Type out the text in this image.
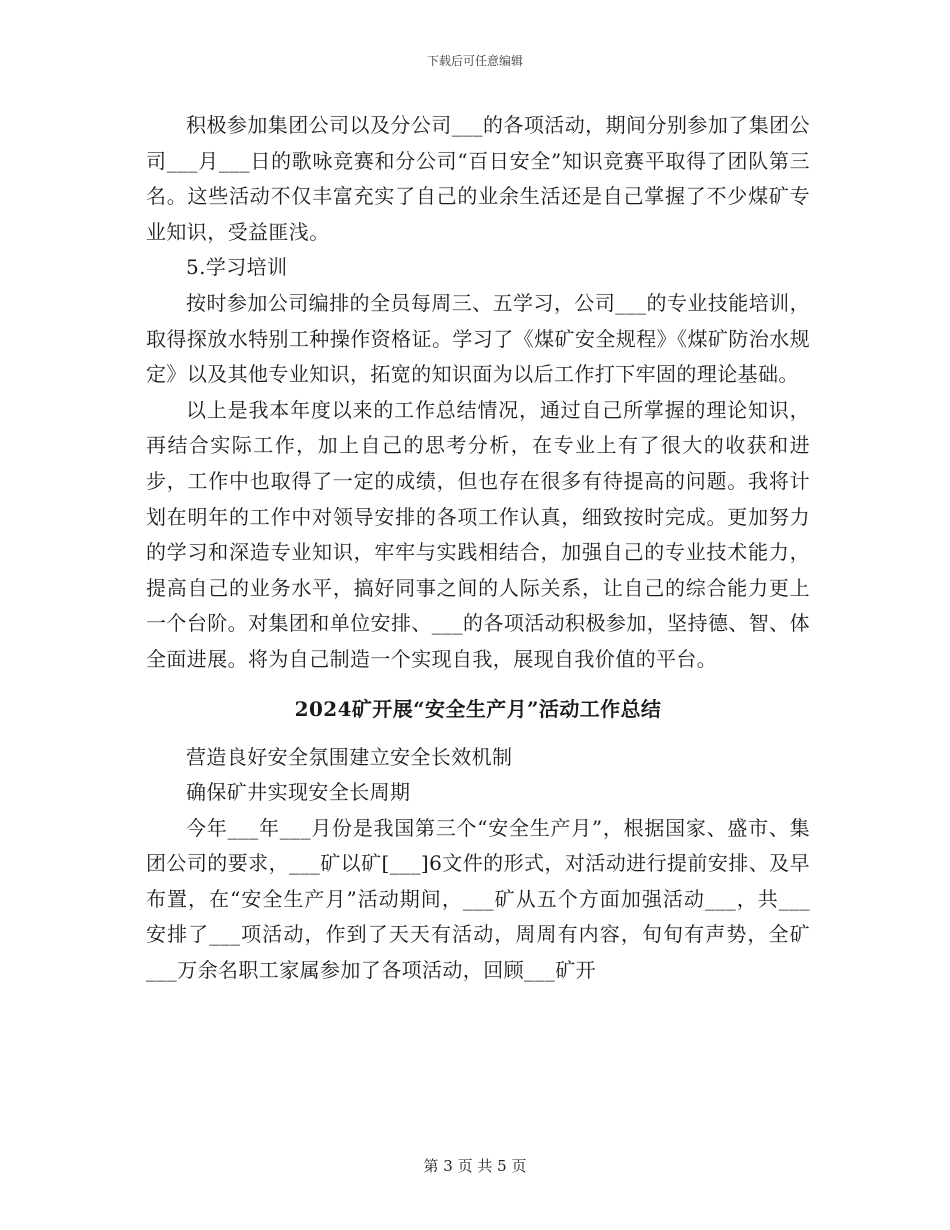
下载后可任意编辑

积极参加集团公司以及分公司___的各项活动，期间分别参加了集团公司___月___日的歌咏竞赛和分公司“百日安全”知识竞赛平取得了团队第三名。这些活动不仅丰富充实了自己的业余生活还是自己掌握了不少煤矿专业知识，受益匪浅。

5.学习培训

按时参加公司编排的全员每周三、五学习，公司___的专业技能培训，取得探放水特别工种操作资格证。学习了《煤矿安全规程》《煤矿防治水规定》以及其他专业知识，拓宽的知识面为以后工作打下牢固的理论基础。

以上是我本年度以来的工作总结情况，通过自己所掌握的理论知识，再结合实际工作，加上自己的思考分析，在专业上有了很大的收获和进步，工作中也取得了一定的成绩，但也存在很多有待提高的问题。我将计划在明年的工作中对领导安排的各项工作认真，细致按时完成。更加努力的学习和深造专业知识，牢牢与实践相结合，加强自己的专业技术能力，提高自己的业务水平，搞好同事之间的人际关系，让自己的综合能力更上一个台阶。对集团和单位安排、___的各项活动积极参加，坚持德、智、体全面进展。将为自己制造一个实现自我，展现自我价值的平台。

2024矿开展“安全生产月”活动工作总结

营造良好安全氛围建立安全长效机制

确保矿井实现安全长周期

今年___年___月份是我国第三个“安全生产月”，根据国家、盛市、集团公司的要求，___矿以矿[___]6文件的形式，对活动进行提前安排、及早布置，在“安全生产月”活动期间，___矿从五个方面加强活动___，共___安排了___项活动，作到了天天有活动，周周有内容，旬旬有声势，全矿___万余名职工家属参加了各项活动，回顾___矿开

第 3 页 共 5 页
